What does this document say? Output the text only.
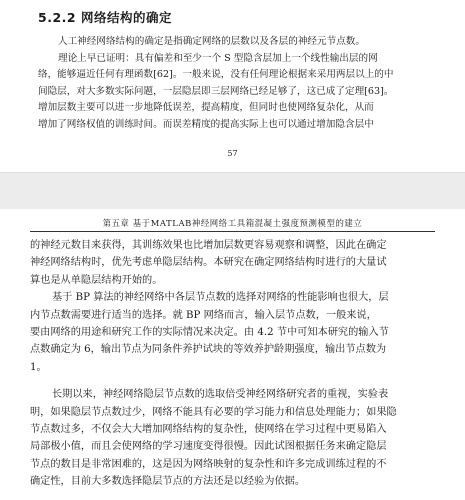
5.2.2 网络结构的确定

人工神经网络结构的确定是指确定网络的层数以及各层的神经元节点数。
理论上早已证明：具有偏差和至少一个 S 型隐含层加上一个线性输出层的网
络，能够逼近任何有理函数[62]。一般来说，没有任何理论根据来采用两层以上的中
间隐层，对大多数实际问题，一层隐层即三层网络已经足够了，这已成了定理[63]。
增加层数主要可以进一步地降低误差，提高精度，但同时也使网络复杂化，从而
增加了网络权值的训练时间。而误差精度的提高实际上也可以通过增加隐含层中

57
第五章 基于MATLAB神经网络工具箱混凝土强度预测模型的建立
的神经元数目来获得，其训练效果也比增加层数更容易观察和调整，因此在确定
神经网络结构时，优先考虑单隐层结构。本研究在确定网络结构时进行的大量试
算也是从单隐层结构开始的。
基于 BP 算法的神经网络中各层节点数的选择对网络的性能影响也很大，层
内节点数需要进行适当的选择。就 BP 网络而言，输入层节点数，一般来说，
要由网络的用途和研究工作的实际情况来决定。由 4.2 节中可知本研究的输入节
点数确定为 6，输出节点为同条件养护试块的等效养护龄期强度，输出节点数为
1。
长期以来，神经网络隐层节点数的选取倍受神经网络研究者的重视，实验表
明，如果隐层节点数过少，网络不能具有必要的学习能力和信息处理能力；如果隐
节点数过多，不仅会大大增加网络结构的复杂性，使网络在学习过程中更易陷入
局部极小值，而且会使网络的学习速度变得很慢。因此试图根据任务来确定隐层
节点的数目是非常困难的，这是因为网络映射的复杂性和许多完成训练过程的不
确定性，目前大多数选择隐层节点的方法还是以经验为依据。
